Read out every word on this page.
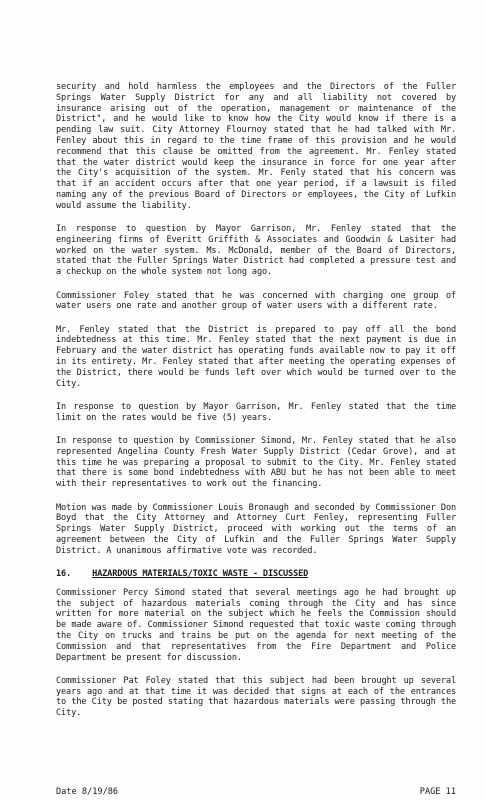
security and hold harmless the employees and the Directors of the Fuller Springs Water Supply District for any and all liability not covered by insurance arising out of the operation, management or maintenance of the District", and he would like to know how the City would know if there is a pending law suit. City Attorney Flournoy stated that he had talked with Mr. Fenley about this in regard to the time frame of this provision and he would recommend that this clause be omitted from the agreement. Mr. Fenley stated that the water district would keep the insurance in force for one year after the City's acquisition of the system. Mr. Fenly stated that his concern was that if an accident occurs after that one year period, if a lawsuit is filed naming any of the previous Board of Directors or employees, the City of Lufkin would assume the liability.

In response to question by Mayor Garrison, Mr. Fenley stated that the engineering firms of Everitt Griffith & Associates and Goodwin & Lasiter had worked on the water system. Ms. McDonald, member of the Board of Directors, stated that the Fuller Springs Water District had completed a pressure test and a checkup on the whole system not long ago.

Commissioner Foley stated that he was concerned with charging one group of water users one rate and another group of water users with a different rate.

Mr. Fenley stated that the District is prepared to pay off all the bond indebtedness at this time. Mr. Fenley stated that the next payment is due in February and the water district has operating funds available now to pay it off in its entirety. Mr. Fenley stated that after meeting the operating expenses of the District, there would be funds left over which would be turned over to the City.

In response to question by Mayor Garrison, Mr. Fenley stated that the time limit on the rates would be five (5) years.

In response to question by Commissioner Simond, Mr. Fenley stated that he also represented Angelina County Fresh Water Supply District (Cedar Grove), and at this time he was preparing a proposal to submit to the City. Mr. Fenley stated that there is some bond indebtedness with ABU but he has not been able to meet with their representatives to work out the financing.

Motion was made by Commissioner Louis Bronaugh and seconded by Commissioner Don Boyd that the City Attorney and Attorney Curt Fenley, representing Fuller Springs Water Supply District, proceed with working out the terms of an agreement between the City of Lufkin and the Fuller Springs Water Supply District. A unanimous affirmative vote was recorded.

16. HAZARDOUS MATERIALS/TOXIC WASTE - DISCUSSED

Commissioner Percy Simond stated that several meetings ago he had brought up the subject of hazardous materials coming through the City and has since written for more material on the subject which he feels the Commission should be made aware of. Commissioner Simond requested that toxic waste coming through the City on trucks and trains be put on the agenda for next meeting of the Commission and that representatives from the Fire Department and Police Department be present for discussion.

Commissioner Pat Foley stated that this subject had been brought up several years ago and at that time it was decided that signs at each of the entrances to the City be posted stating that hazardous materials were passing through the City.

Date 8/19/86	PAGE 11
